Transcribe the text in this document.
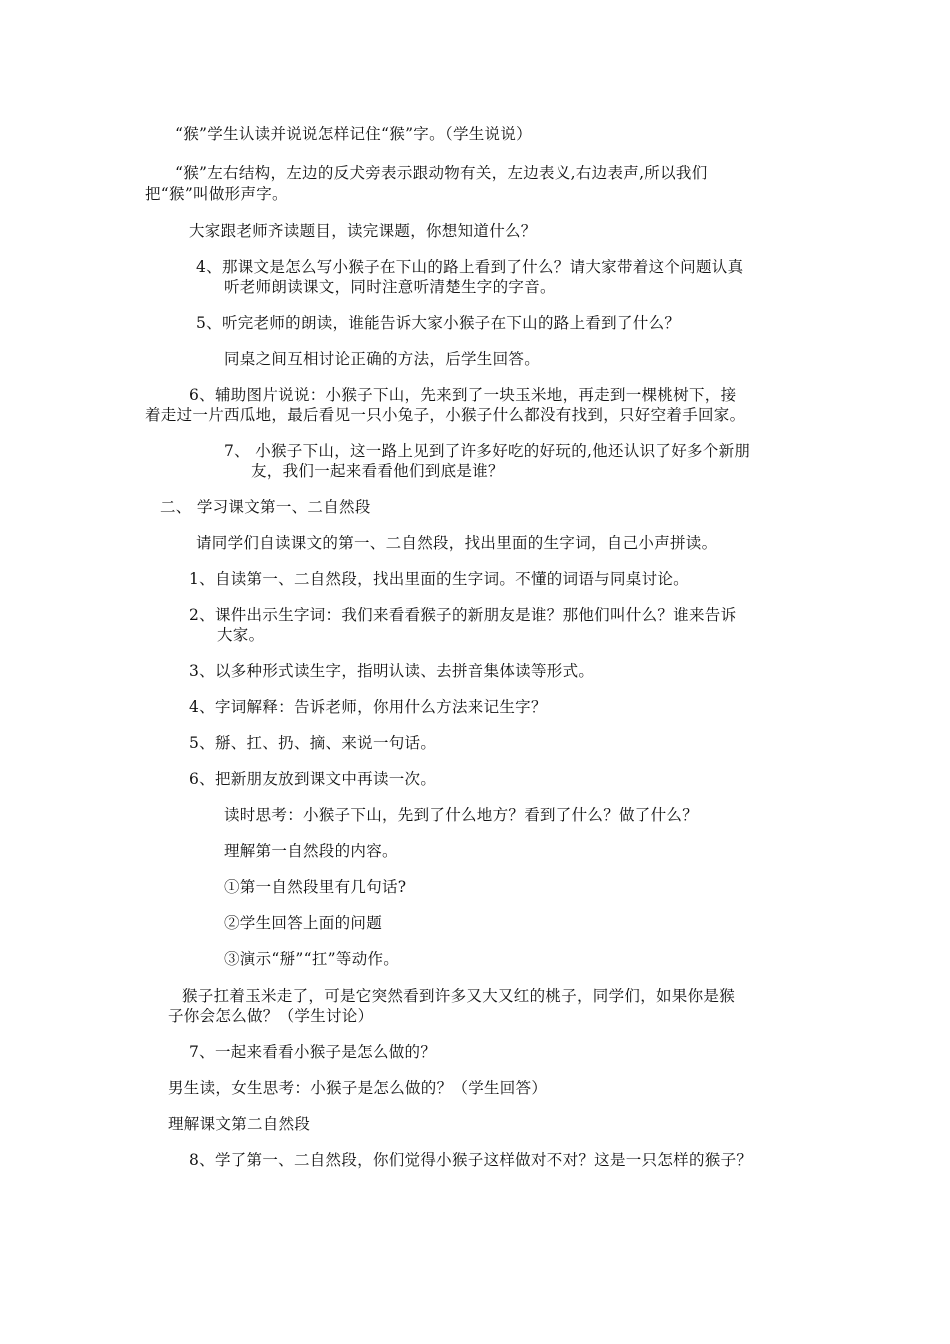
“猴”学生认读并说说怎样记住“猴”字。（学生说说）
“猴”左右结构，左边的反犬旁表示跟动物有关，左边表义,右边表声,所以我们
把“猴”叫做形声字。
大家跟老师齐读题目，读完课题，你想知道什么？
4、那课文是怎么写小猴子在下山的路上看到了什么？请大家带着这个问题认真
听老师朗读课文，同时注意听清楚生字的字音。
5、听完老师的朗读，谁能告诉大家小猴子在下山的路上看到了什么？
同桌之间互相讨论正确的方法，后学生回答。
6、辅助图片说说：小猴子下山，先来到了一块玉米地，再走到一棵桃树下，接
着走过一片西瓜地，最后看见一只小兔子，小猴子什么都没有找到，只好空着手回家。
7、 小猴子下山，这一路上见到了许多好吃的好玩的,他还认识了好多个新朋
友，我们一起来看看他们到底是谁？
二、 学习课文第一、二自然段
请同学们自读课文的第一、二自然段，找出里面的生字词，自己小声拼读。
1、自读第一、二自然段，找出里面的生字词。不懂的词语与同桌讨论。
2、课件出示生字词：我们来看看猴子的新朋友是谁？那他们叫什么？谁来告诉
大家。
3、以多种形式读生字，指明认读、去拼音集体读等形式。
4、字词解释：告诉老师，你用什么方法来记生字？
5、掰、扛、扔、摘、来说一句话。
6、把新朋友放到课文中再读一次。
读时思考：小猴子下山，先到了什么地方？看到了什么？做了什么？
理解第一自然段的内容。
①第一自然段里有几句话?
②学生回答上面的问题
③演示“掰”“扛”等动作。
猴子扛着玉米走了，可是它突然看到许多又大又红的桃子，同学们，如果你是猴
子你会怎么做？（学生讨论）
7、一起来看看小猴子是怎么做的？
男生读，女生思考：小猴子是怎么做的？（学生回答）
理解课文第二自然段
8、学了第一、二自然段，你们觉得小猴子这样做对不对？这是一只怎样的猴子？
